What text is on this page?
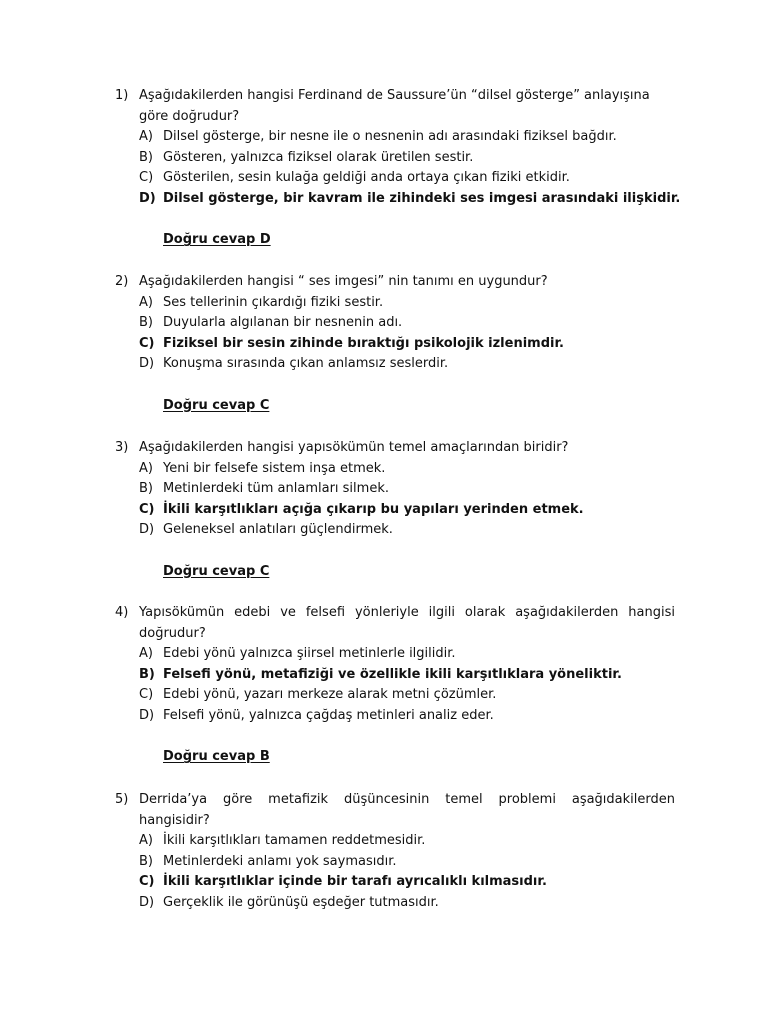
1) Aşağıdakilerden hangisi Ferdinand de Saussure’ün “dilsel gösterge” anlayışına göre doğrudur?
A) Dilsel gösterge, bir nesne ile o nesnenin adı arasındaki fiziksel bağdır.
B) Gösteren, yalnızca fiziksel olarak üretilen sestir.
C) Gösterilen, sesin kulağa geldiği anda ortaya çıkan fiziki etkidir.
D) Dilsel gösterge, bir kavram ile zihindeki ses imgesi arasındaki ilişkidir.
Doğru cevap D
2) Aşağıdakilerden hangisi “ ses imgesi” nin tanımı en uygundur?
A) Ses tellerinin çıkardığı fiziki sestir.
B) Duyularla algılanan bir nesnenin adı.
C) Fiziksel bir sesin zihinde bıraktığı psikolojik izlenimdir.
D) Konuşma sırasında çıkan anlamsız seslerdir.
Doğru cevap C
3) Aşağıdakilerden hangisi yapısökümün temel amaçlarından biridir?
A) Yeni bir felsefe sistem inşa etmek.
B) Metinlerdeki tüm anlamları silmek.
C) İkili karşıtlıkları açığa çıkarıp bu yapıları yerinden etmek.
D) Geleneksel anlatıları güçlendirmek.
Doğru cevap C
4) Yapısökümün edebi ve felsefi yönleriyle ilgili olarak aşağıdakilerden hangisi doğrudur?
A) Edebi yönü yalnızca şiirsel metinlerle ilgilidir.
B) Felsefi yönü, metafiziği ve özellikle ikili karşıtlıklara yöneliktir.
C) Edebi yönü, yazarı merkeze alarak metni çözümler.
D) Felsefi yönü, yalnızca çağdaş metinleri analiz eder.
Doğru cevap B
5) Derrida’ya göre metafizik düşüncesinin temel problemi aşağıdakilerden hangisidir?
A) İkili karşıtlıkları tamamen reddetmesidir.
B) Metinlerdeki anlamı yok saymasıdır.
C) İkili karşıtlıklar içinde bir tarafı ayrıcalıklı kılmasıdır.
D) Gerçeklik ile görünüşü eşdeğer tutmasıdır.
